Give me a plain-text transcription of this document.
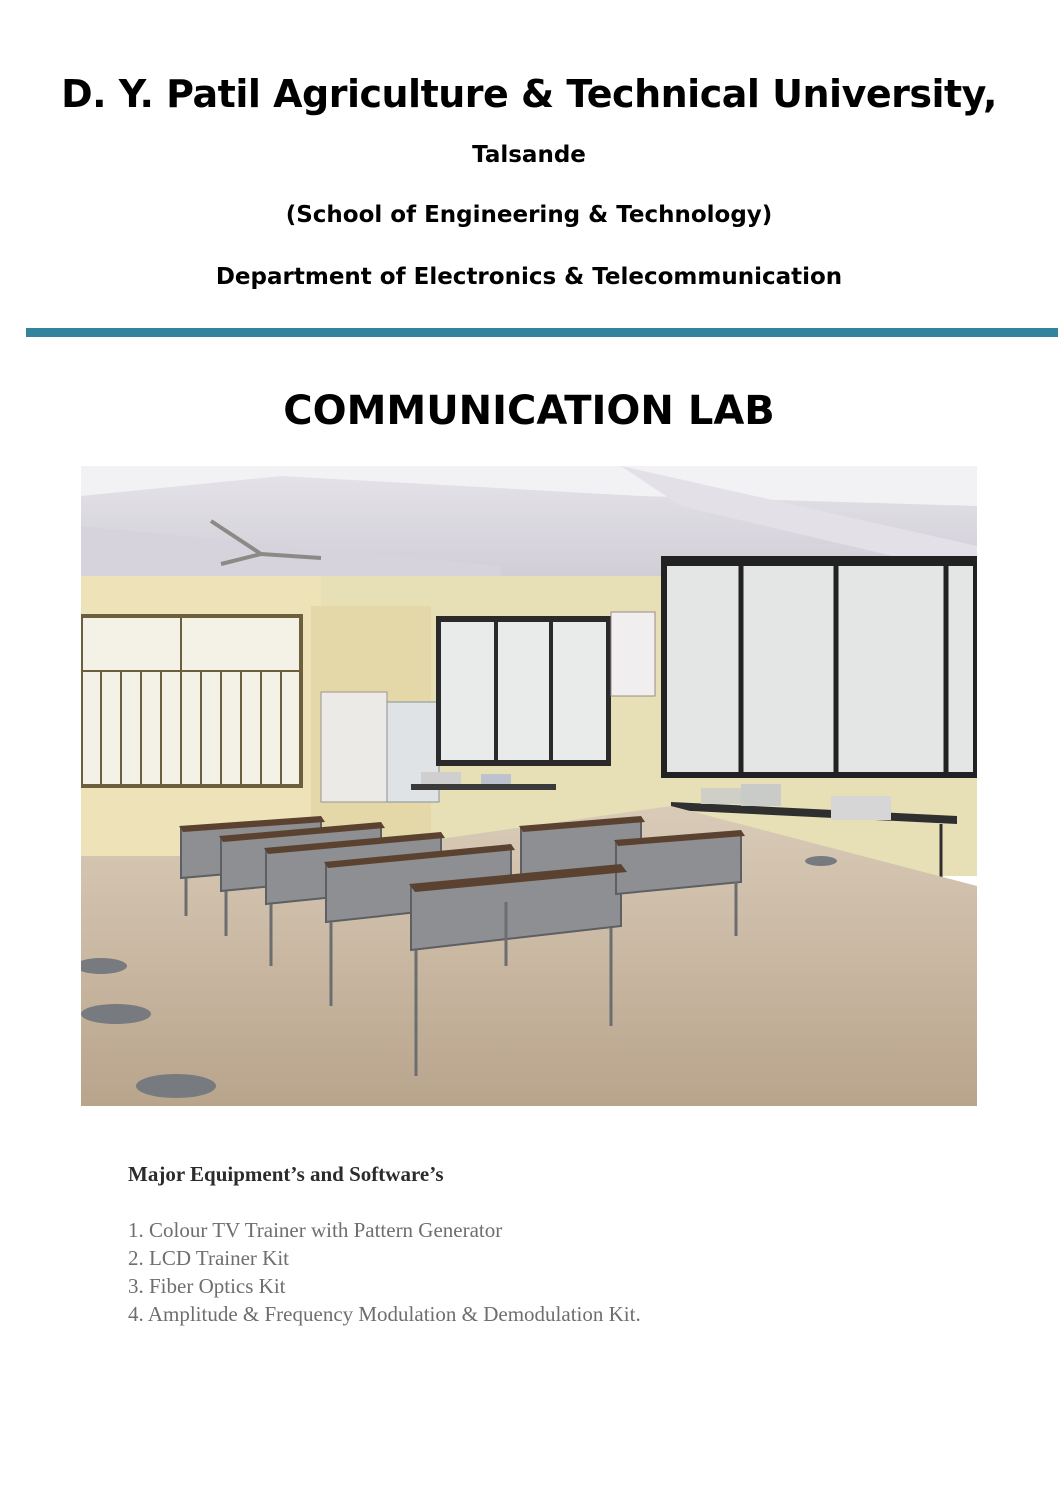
D. Y. Patil Agriculture & Technical University,
Talsande
(School of Engineering & Technology)
Department of Electronics & Telecommunication
COMMUNICATION LAB
Major Equipment’s and Software’s
1. Colour TV Trainer with Pattern Generator
2. LCD Trainer Kit
3. Fiber Optics Kit
4. Amplitude & Frequency Modulation & Demodulation Kit.
